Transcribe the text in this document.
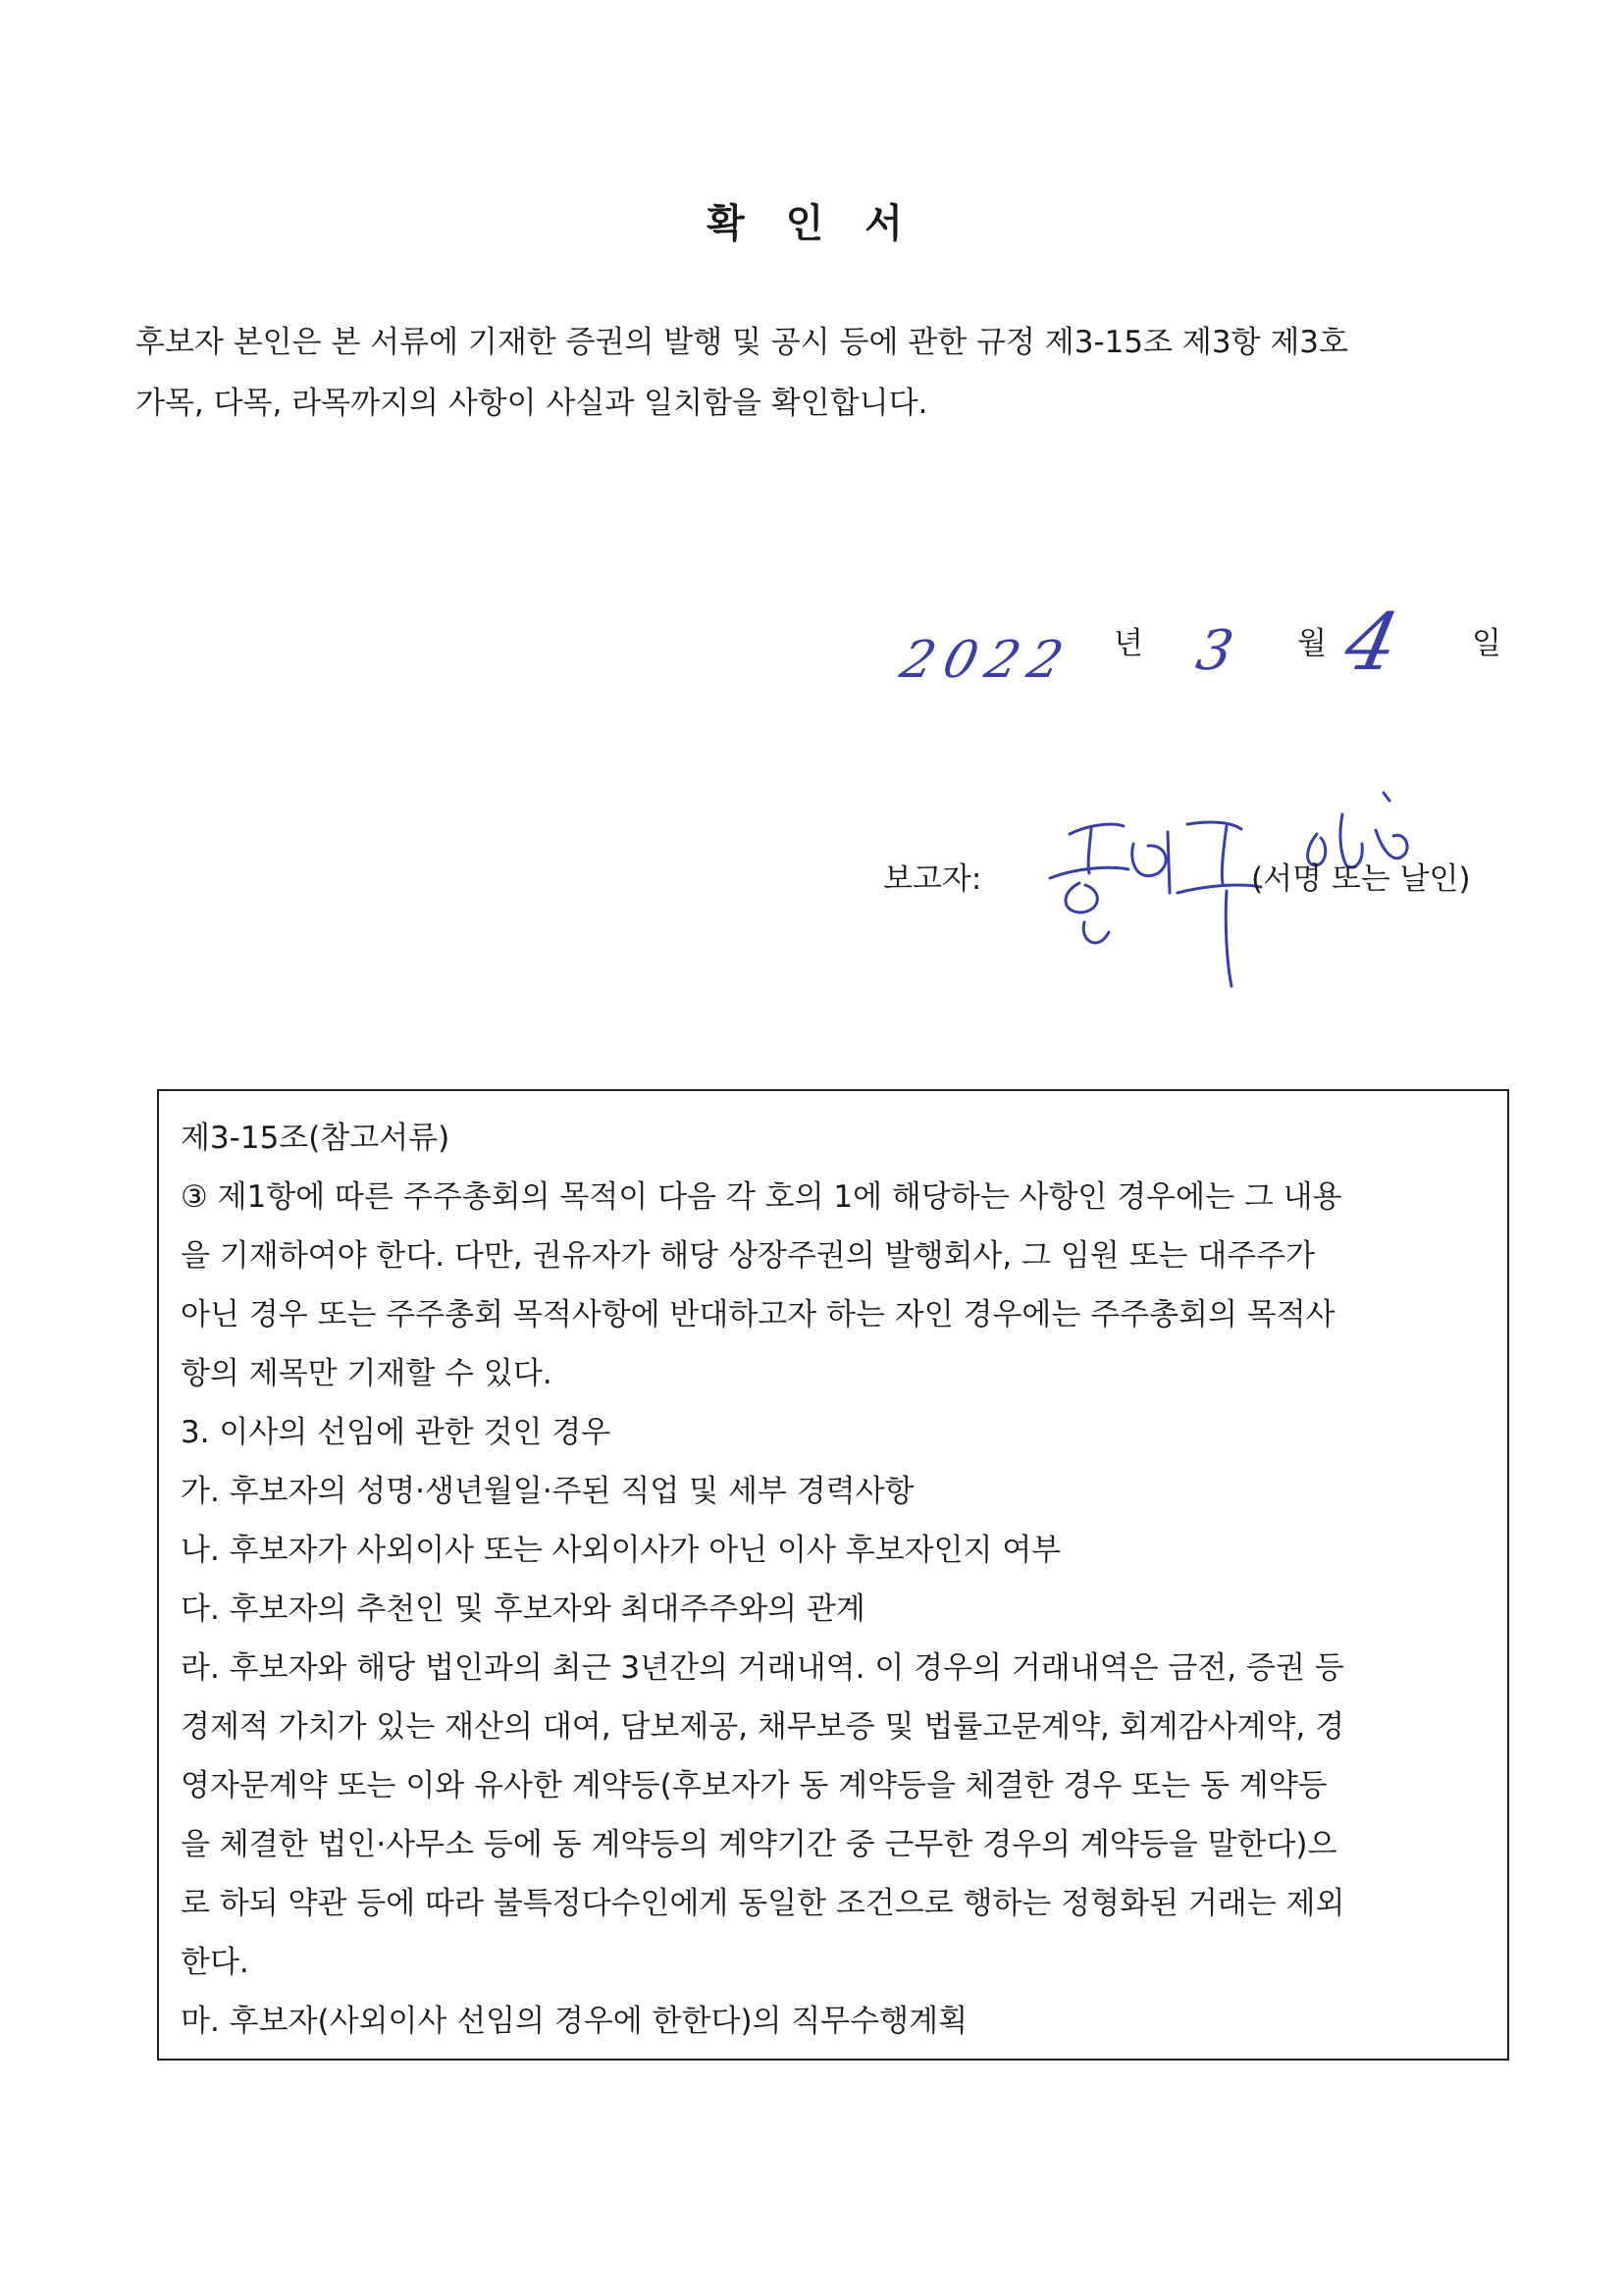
확 인 서

후보자 본인은 본 서류에 기재한 증권의 발행 및 공시 등에 관한 규정 제3-15조 제3항 제3호

가목, 다목, 라목까지의 사항이 사실과 일치함을 확인합니다.

2022 년 3 월 4 일
보고자:	(서명 또는 날인)

제3-15조(참고서류)

③ 제1항에 따른 주주총회의 목적이 다음 각 호의 1에 해당하는 사항인 경우에는 그 내용

을 기재하여야 한다. 다만, 권유자가 해당 상장주권의 발행회사, 그 임원 또는 대주주가

아닌 경우 또는 주주총회 목적사항에 반대하고자 하는 자인 경우에는 주주총회의 목적사

항의 제목만 기재할 수 있다.

3. 이사의 선임에 관한 것인 경우

가. 후보자의 성명·생년월일·주된 직업 및 세부 경력사항

나. 후보자가 사외이사 또는 사외이사가 아닌 이사 후보자인지 여부

다. 후보자의 추천인 및 후보자와 최대주주와의 관계

라. 후보자와 해당 법인과의 최근 3년간의 거래내역. 이 경우의 거래내역은 금전, 증권 등

경제적 가치가 있는 재산의 대여, 담보제공, 채무보증 및 법률고문계약, 회계감사계약, 경

영자문계약 또는 이와 유사한 계약등(후보자가 동 계약등을 체결한 경우 또는 동 계약등

을 체결한 법인·사무소 등에 동 계약등의 계약기간 중 근무한 경우의 계약등을 말한다)으

로 하되 약관 등에 따라 불특정다수인에게 동일한 조건으로 행하는 정형화된 거래는 제외

한다.

마. 후보자(사외이사 선임의 경우에 한한다)의 직무수행계획
